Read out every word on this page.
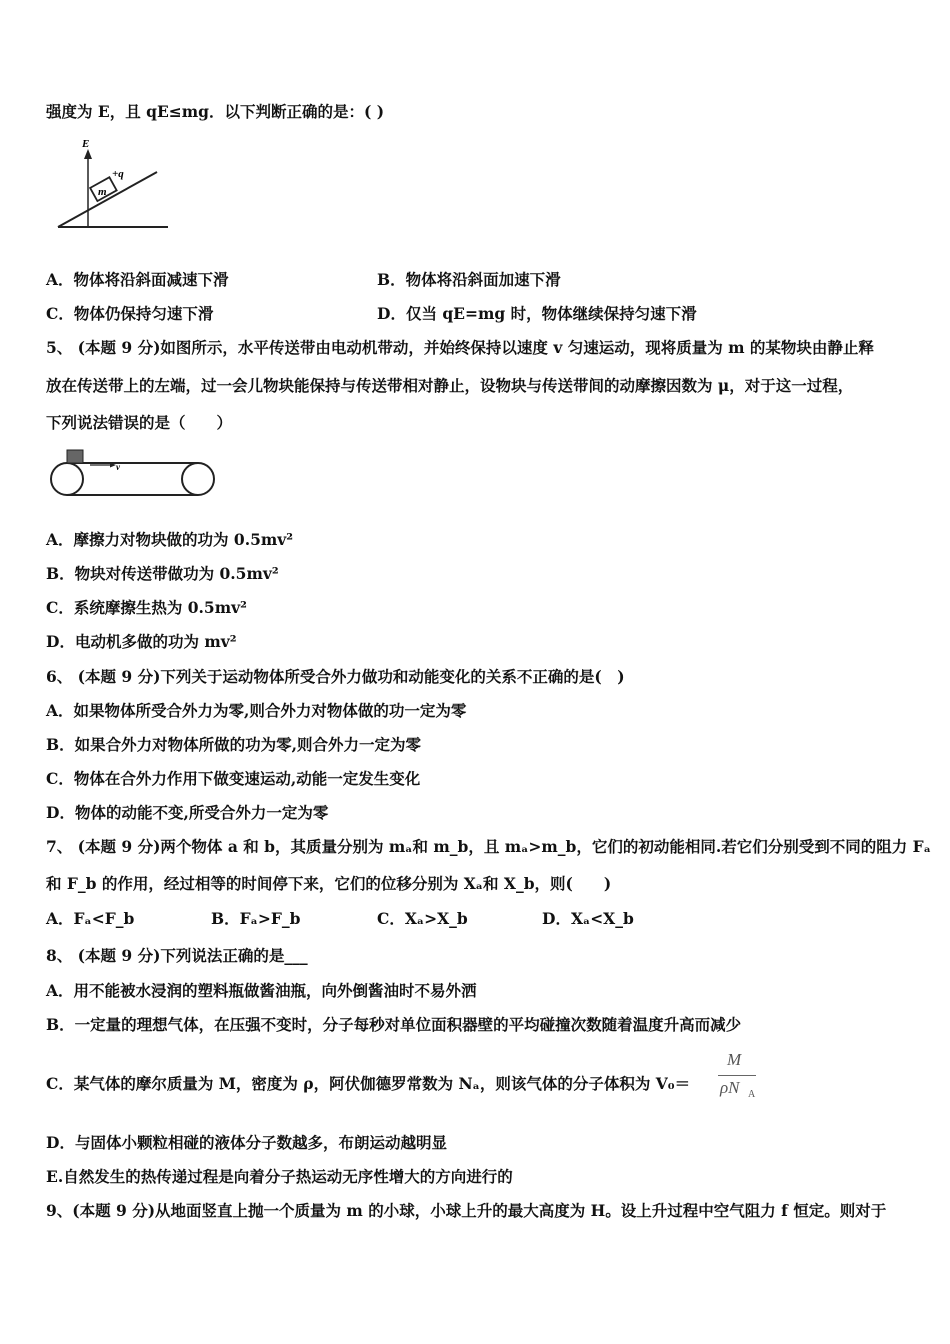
强度为 E，且 qE≤mg．以下判断正确的是：( )
E
m
+q
A．物体将沿斜面减速下滑	B．物体将沿斜面加速下滑
C．物体仍保持匀速下滑	D．仅当 qE=mg 时，物体继续保持匀速下滑
5、 (本题 9 分)如图所示，水平传送带由电动机带动，并始终保持以速度 v 匀速运动，现将质量为 m 的某物块由静止释
放在传送带上的左端，过一会儿物块能保持与传送带相对静止，设物块与传送带间的动摩擦因数为 μ，对于这一过程，
下列说法错误的是（　　）
v
A．摩擦力对物块做的功为 0.5mv²
B．物块对传送带做功为 0.5mv²
C．系统摩擦生热为 0.5mv²
D．电动机多做的功为 mv²
6、 (本题 9 分)下列关于运动物体所受合外力做功和动能变化的关系不正确的是(　)
A．如果物体所受合外力为零,则合外力对物体做的功一定为零
B．如果合外力对物体所做的功为零,则合外力一定为零
C．物体在合外力作用下做变速运动,动能一定发生变化
D．物体的动能不变,所受合外力一定为零
7、 (本题 9 分)两个物体 a 和 b，其质量分别为 mₐ和 m_b，且 mₐ>m_b，它们的初动能相同.若它们分别受到不同的阻力 Fₐ
和 F_b 的作用，经过相等的时间停下来，它们的位移分别为 Xₐ和 X_b，则(　　)
A．Fₐ<F_b	B．Fₐ>F_b	C．Xₐ>X_b	D．Xₐ<X_b
8、 (本题 9 分)下列说法正确的是___
A．用不能被水浸润的塑料瓶做酱油瓶，向外倒酱油时不易外洒
B．一定量的理想气体，在压强不变时，分子每秒对单位面积器壁的平均碰撞次数随着温度升高而减少
C．某气体的摩尔质量为 M，密度为 ρ，阿伏伽德罗常数为 Nₐ，则该气体的分子体积为 V₀＝
M
ρN A
D．与固体小颗粒相碰的液体分子数越多，布朗运动越明显
E.自然发生的热传递过程是向着分子热运动无序性增大的方向进行的
9、(本题 9 分)从地面竖直上抛一个质量为 m 的小球，小球上升的最大高度为 H。设上升过程中空气阻力 f 恒定。则对于
